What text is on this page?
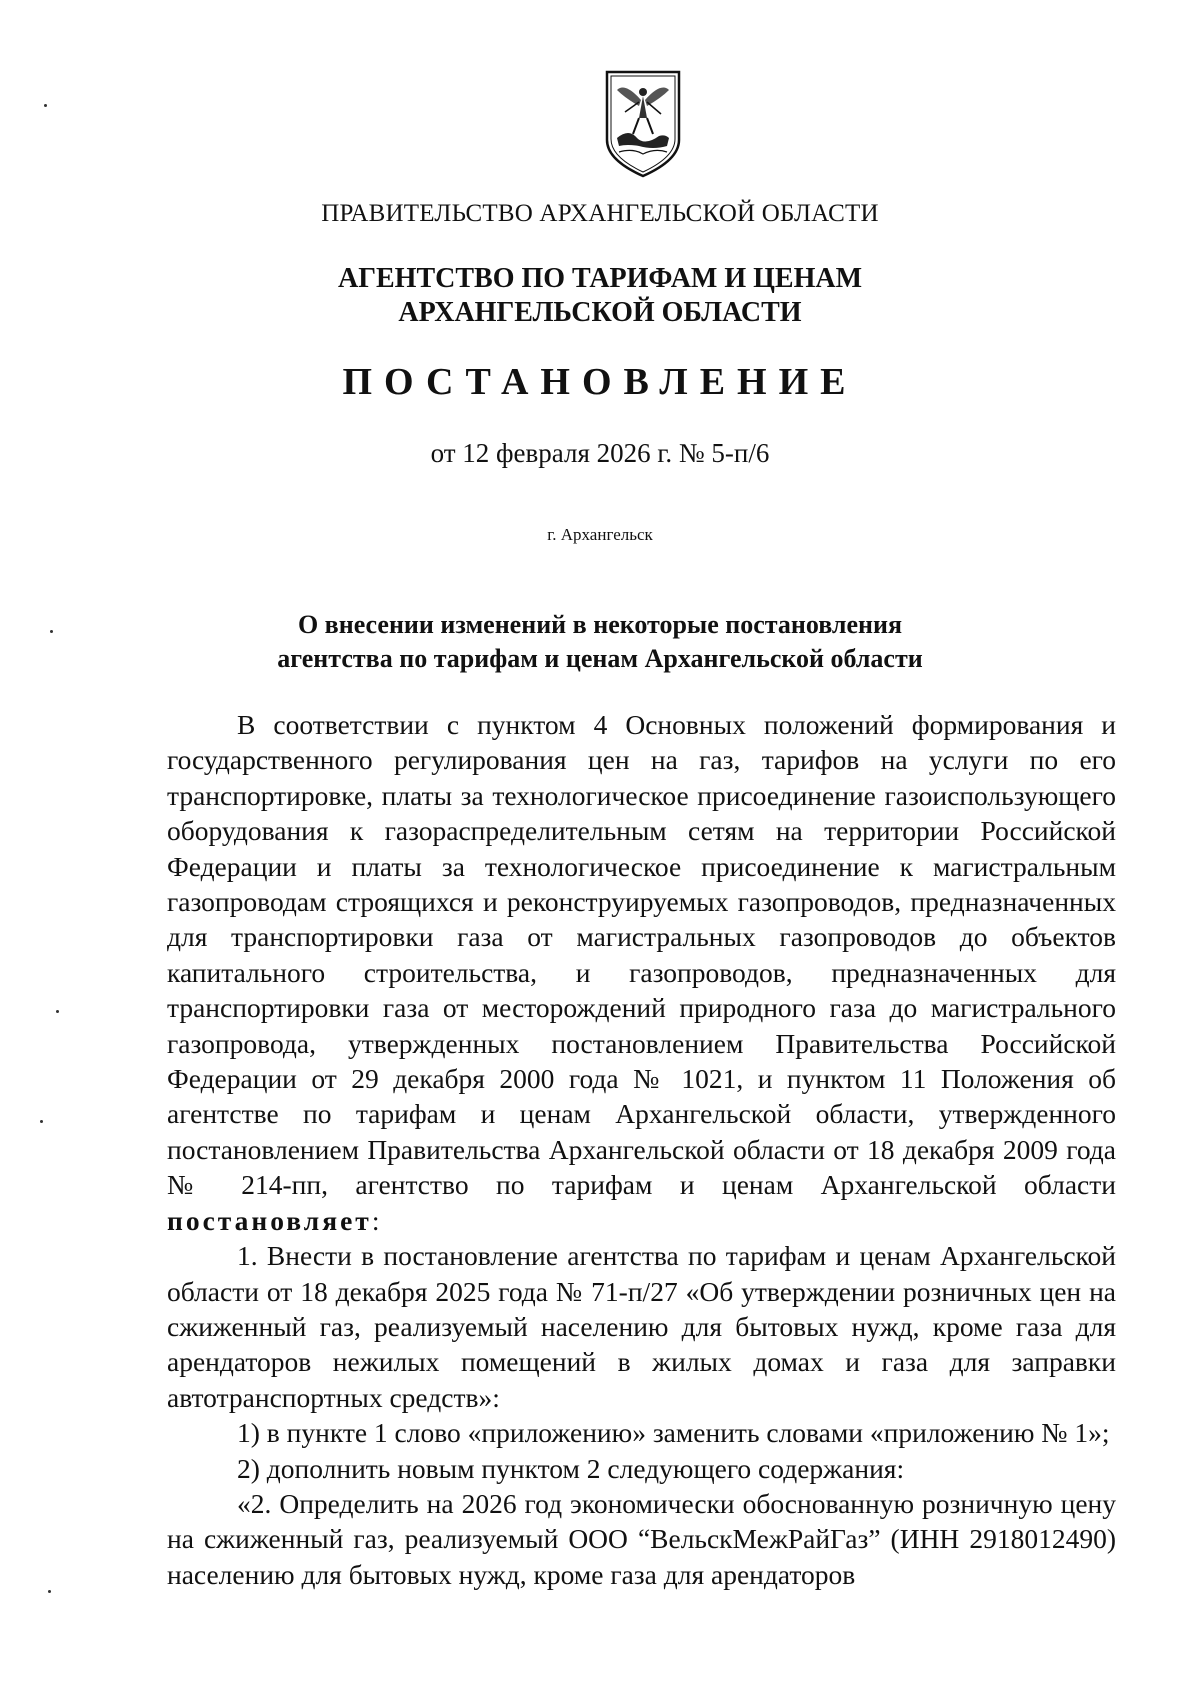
ПРАВИТЕЛЬСТВО АРХАНГЕЛЬСКОЙ ОБЛАСТИ
АГЕНТСТВО ПО ТАРИФАМ И ЦЕНАМ
АРХАНГЕЛЬСКОЙ ОБЛАСТИ
ПОСТАНОВЛЕНИЕ
от 12 февраля 2026 г. № 5-п/6
г. Архангельск
О внесении изменений в некоторые постановления
агентства по тарифам и ценам Архангельской области

В соответствии с пунктом 4 Основных положений формирования и государственного регулирования цен на газ, тарифов на услуги по его транспортировке, платы за технологическое присоединение газоиспользующего оборудования к газораспределительным сетям на территории Российской Федерации и платы за технологическое присоединение к магистральным газопроводам строящихся и реконструируемых газопроводов, предназначенных для транспортировки газа от магистральных газопроводов до объектов капитального строительства, и газопроводов, предназначенных для транспортировки газа от месторождений природного газа до магистрального газопровода, утвержденных постановлением Правительства Российской Федерации от 29 декабря 2000 года № 1021, и пунктом 11 Положения об агентстве по тарифам и ценам Архангельской области, утвержденного постановлением Правительства Архангельской области от 18 декабря 2009 года № 214-пп, агентство по тарифам и ценам Архангельской области постановляет:

1. Внести в постановление агентства по тарифам и ценам Архангельской области от 18 декабря 2025 года № 71-п/27 «Об утверждении розничных цен на сжиженный газ, реализуемый населению для бытовых нужд, кроме газа для арендаторов нежилых помещений в жилых домах и газа для заправки автотранспортных средств»:

1) в пункте 1 слово «приложению» заменить словами «приложению № 1»;

2) дополнить новым пунктом 2 следующего содержания:

«2. Определить на 2026 год экономически обоснованную розничную цену на сжиженный газ, реализуемый ООО “ВельскМежРайГаз” (ИНН 2918012490) населению для бытовых нужд, кроме газа для арендаторов
